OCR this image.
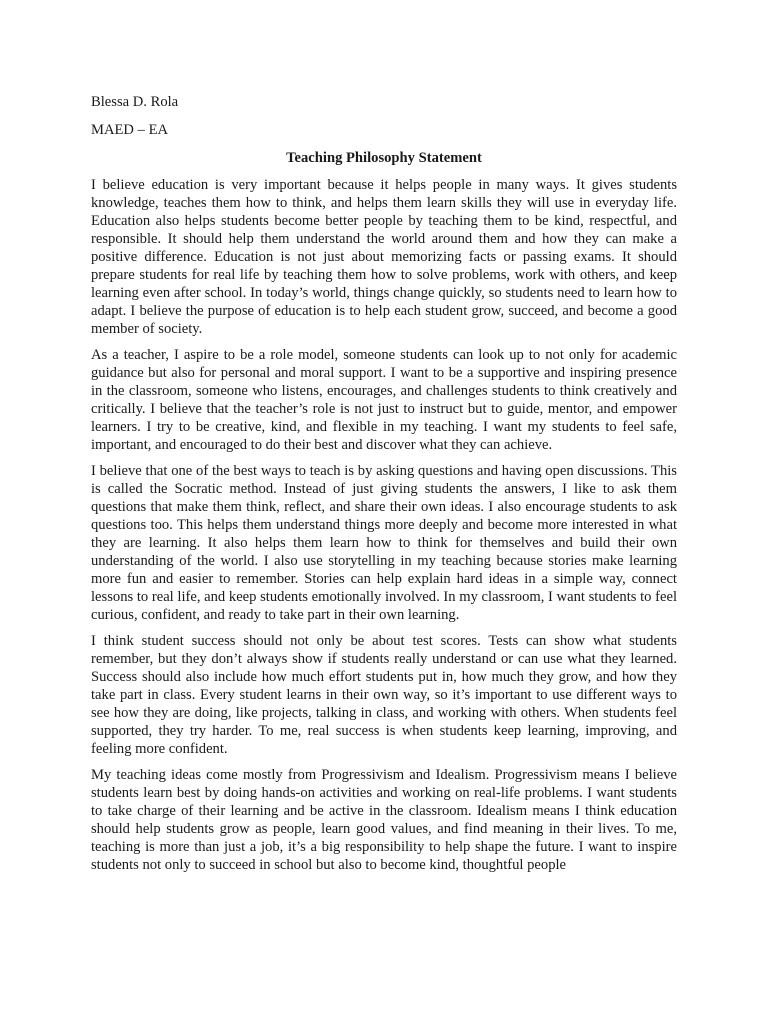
Blessa D. Rola

MAED – EA

Teaching Philosophy Statement

I believe education is very important because it helps people in many ways. It gives students knowledge, teaches them how to think, and helps them learn skills they will use in everyday life. Education also helps students become better people by teaching them to be kind, respectful, and responsible. It should help them understand the world around them and how they can make a positive difference. Education is not just about memorizing facts or passing exams. It should prepare students for real life by teaching them how to solve problems, work with others, and keep learning even after school. In today’s world, things change quickly, so students need to learn how to adapt. I believe the purpose of education is to help each student grow, succeed, and become a good member of society.

As a teacher, I aspire to be a role model, someone students can look up to not only for academic guidance but also for personal and moral support. I want to be a supportive and inspiring presence in the classroom, someone who listens, encourages, and challenges students to think creatively and critically. I believe that the teacher’s role is not just to instruct but to guide, mentor, and empower learners. I try to be creative, kind, and flexible in my teaching. I want my students to feel safe, important, and encouraged to do their best and discover what they can achieve.

I believe that one of the best ways to teach is by asking questions and having open discussions. This is called the Socratic method. Instead of just giving students the answers, I like to ask them questions that make them think, reflect, and share their own ideas. I also encourage students to ask questions too. This helps them understand things more deeply and become more interested in what they are learning. It also helps them learn how to think for themselves and build their own understanding of the world. I also use storytelling in my teaching because stories make learning more fun and easier to remember. Stories can help explain hard ideas in a simple way, connect lessons to real life, and keep students emotionally involved. In my classroom, I want students to feel curious, confident, and ready to take part in their own learning.

I think student success should not only be about test scores. Tests can show what students remember, but they don’t always show if students really understand or can use what they learned. Success should also include how much effort students put in, how much they grow, and how they take part in class. Every student learns in their own way, so it’s important to use different ways to see how they are doing, like projects, talking in class, and working with others. When students feel supported, they try harder. To me, real success is when students keep learning, improving, and feeling more confident.

My teaching ideas come mostly from Progressivism and Idealism. Progressivism means I believe students learn best by doing hands-on activities and working on real-life problems. I want students to take charge of their learning and be active in the classroom. Idealism means I think education should help students grow as people, learn good values, and find meaning in their lives. To me, teaching is more than just a job, it’s a big responsibility to help shape the future. I want to inspire students not only to succeed in school but also to become kind, thoughtful people
